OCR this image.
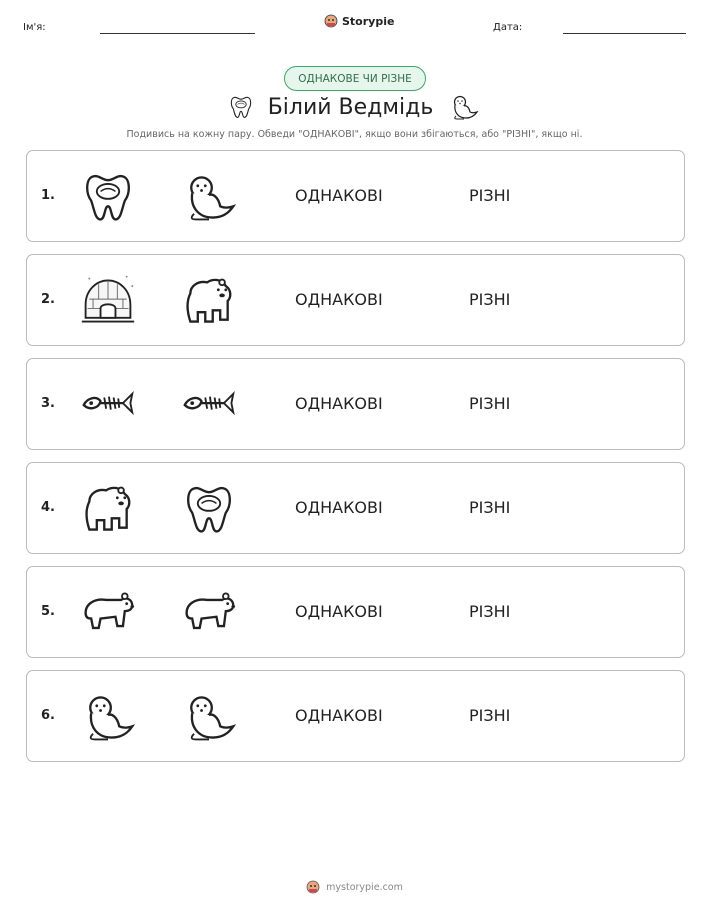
Ім'я:	Storypie	Дата:
ОДНАКОВЕ ЧИ РІЗНЕ
Білий Ведмідь
Подивись на кожну пару. Обведи "ОДНАКОВІ", якщо вони збігаються, або "РІЗНІ", якщо ні.
1.	ОДНАКОВІ	РІЗНІ
2.	ОДНАКОВІ	РІЗНІ
3.	ОДНАКОВІ	РІЗНІ
4.	ОДНАКОВІ	РІЗНІ
5.	ОДНАКОВІ	РІЗНІ
6.	ОДНАКОВІ	РІЗНІ
mystorypie.com
